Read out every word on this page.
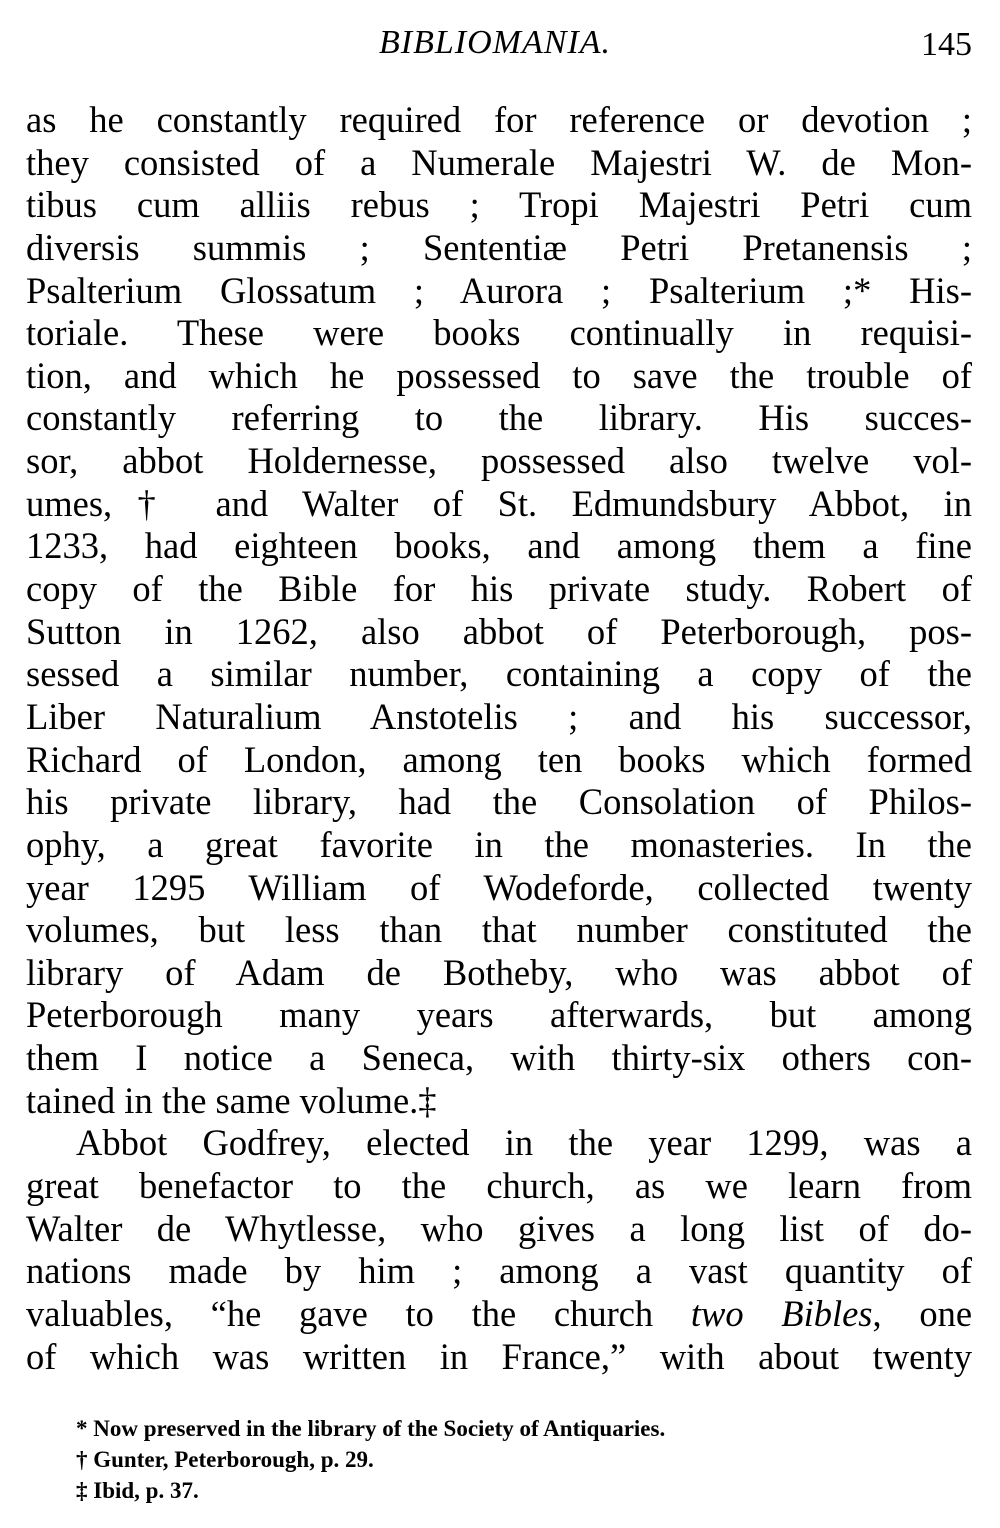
BIBLIOMANIA.	145
as he constantly required for reference or devotion ;
they consisted of a Numerale Majestri W. de Mon-
tibus cum alliis rebus ; Tropi Majestri Petri cum
diversis summis ; Sententiæ Petri Pretanensis ;
Psalterium Glossatum ; Aurora ; Psalterium ;* His-
toriale. These were books continually in requisi-
tion, and which he possessed to save the trouble of
constantly referring to the library. His succes-
sor, abbot Holdernesse, possessed also twelve vol-
umes,† and Walter of St. Edmundsbury Abbot, in
1233, had eighteen books, and among them a fine
copy of the Bible for his private study. Robert of
Sutton in 1262, also abbot of Peterborough, pos-
sessed a similar number, containing a copy of the
Liber Naturalium Anstotelis ; and his successor,
Richard of London, among ten books which formed
his private library, had the Consolation of Philos-
ophy, a great favorite in the monasteries. In the
year 1295 William of Wodeforde, collected twenty
volumes, but less than that number constituted the
library of Adam de Botheby, who was abbot of
Peterborough many years afterwards, but among
them I notice a Seneca, with thirty-six others con-
tained in the same volume.‡
Abbot Godfrey, elected in the year 1299, was a
great benefactor to the church, as we learn from
Walter de Whytlesse, who gives a long list of do-
nations made by him ; among a vast quantity of
valuables, “he gave to the church two Bibles, one
of which was written in France,” with about twenty
* Now preserved in the library of the Society of Antiquaries.
† Gunter, Peterborough, p. 29.
‡ Ibid, p. 37.
